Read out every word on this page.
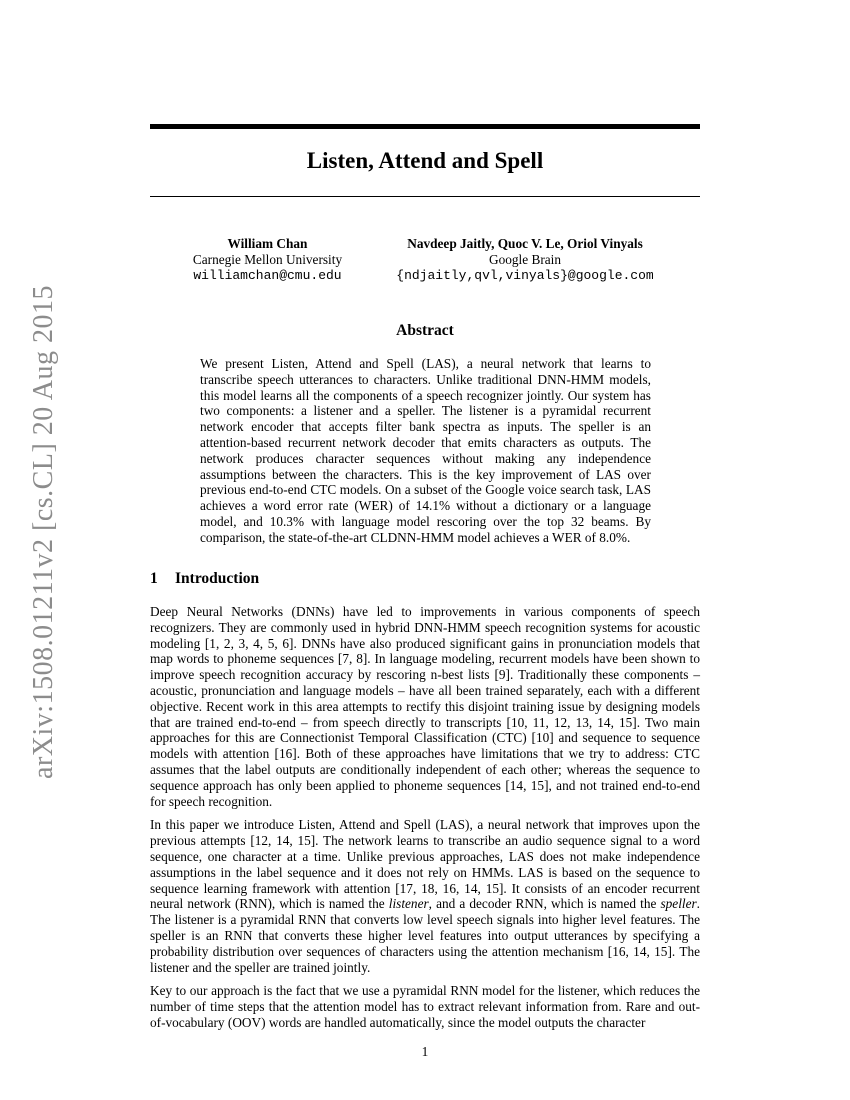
arXiv:1508.01211v2 [cs.CL] 20 Aug 2015
Listen, Attend and Spell
William Chan
Carnegie Mellon University
williamchan@cmu.edu
Navdeep Jaitly, Quoc V. Le, Oriol Vinyals
Google Brain
{ndjaitly,qvl,vinyals}@google.com
Abstract
We present Listen, Attend and Spell (LAS), a neural network that learns to transcribe speech utterances to characters. Unlike traditional DNN-HMM models, this model learns all the components of a speech recognizer jointly. Our system has two components: a listener and a speller. The listener is a pyramidal recurrent network encoder that accepts filter bank spectra as inputs. The speller is an attention-based recurrent network decoder that emits characters as outputs. The network produces character sequences without making any independence assumptions between the characters. This is the key improvement of LAS over previous end-to-end CTC models. On a subset of the Google voice search task, LAS achieves a word error rate (WER) of 14.1% without a dictionary or a language model, and 10.3% with language model rescoring over the top 32 beams. By comparison, the state-of-the-art CLDNN-HMM model achieves a WER of 8.0%.
1 Introduction

Deep Neural Networks (DNNs) have led to improvements in various components of speech recognizers. They are commonly used in hybrid DNN-HMM speech recognition systems for acoustic modeling [1, 2, 3, 4, 5, 6]. DNNs have also produced significant gains in pronunciation models that map words to phoneme sequences [7, 8]. In language modeling, recurrent models have been shown to improve speech recognition accuracy by rescoring n-best lists [9]. Traditionally these components – acoustic, pronunciation and language models – have all been trained separately, each with a different objective. Recent work in this area attempts to rectify this disjoint training issue by designing models that are trained end-to-end – from speech directly to transcripts [10, 11, 12, 13, 14, 15]. Two main approaches for this are Connectionist Temporal Classification (CTC) [10] and sequence to sequence models with attention [16]. Both of these approaches have limitations that we try to address: CTC assumes that the label outputs are conditionally independent of each other; whereas the sequence to sequence approach has only been applied to phoneme sequences [14, 15], and not trained end-to-end for speech recognition.

In this paper we introduce Listen, Attend and Spell (LAS), a neural network that improves upon the previous attempts [12, 14, 15]. The network learns to transcribe an audio sequence signal to a word sequence, one character at a time. Unlike previous approaches, LAS does not make independence assumptions in the label sequence and it does not rely on HMMs. LAS is based on the sequence to sequence learning framework with attention [17, 18, 16, 14, 15]. It consists of an encoder recurrent neural network (RNN), which is named the listener, and a decoder RNN, which is named the speller. The listener is a pyramidal RNN that converts low level speech signals into higher level features. The speller is an RNN that converts these higher level features into output utterances by specifying a probability distribution over sequences of characters using the attention mechanism [16, 14, 15]. The listener and the speller are trained jointly.

Key to our approach is the fact that we use a pyramidal RNN model for the listener, which reduces the number of time steps that the attention model has to extract relevant information from. Rare and out-of-vocabulary (OOV) words are handled automatically, since the model outputs the character

1
